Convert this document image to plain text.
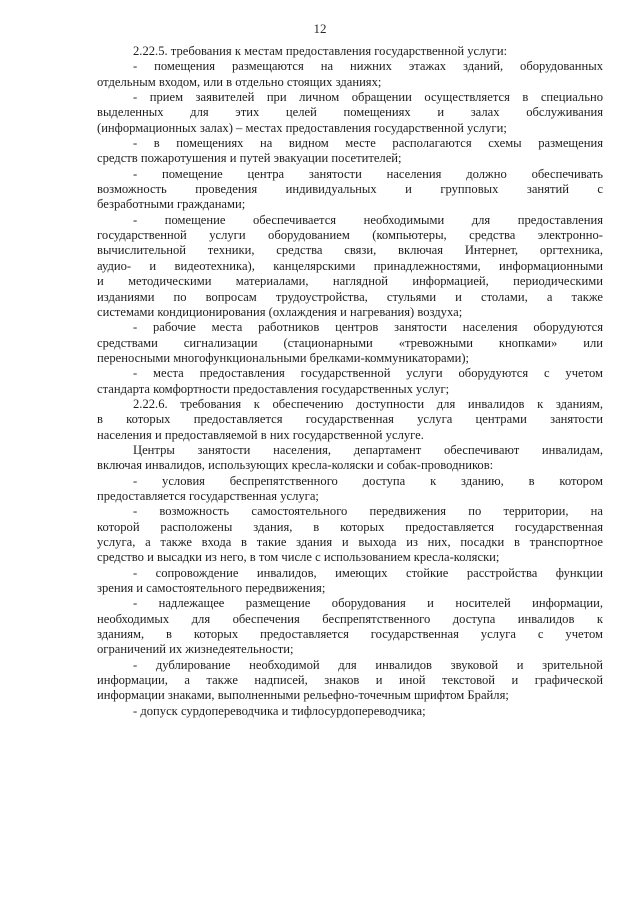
12
2.22.5. требования к местам предоставления государственной услуги:
- помещения размещаются на нижних этажах зданий, оборудованных
отдельным входом, или в отдельно стоящих зданиях;
- прием заявителей при личном обращении осуществляется в специально
выделенных для этих целей помещениях и залах обслуживания
(информационных залах) – местах предоставления государственной услуги;
- в помещениях на видном месте располагаются схемы размещения
средств пожаротушения и путей эвакуации посетителей;
- помещение центра занятости населения должно обеспечивать
возможность проведения индивидуальных и групповых занятий с
безработными гражданами;
- помещение обеспечивается необходимыми для предоставления
государственной услуги оборудованием (компьютеры, средства электронно-
вычислительной техники, средства связи, включая Интернет, оргтехника,
аудио- и видеотехника), канцелярскими принадлежностями, информационными
и методическими материалами, наглядной информацией, периодическими
изданиями по вопросам трудоустройства, стульями и столами, а также
системами кондиционирования (охлаждения и нагревания) воздуха;
- рабочие места работников центров занятости населения оборудуются
средствами сигнализации (стационарными «тревожными кнопками» или
переносными многофункциональными брелками-коммуникаторами);
- места предоставления государственной услуги оборудуются с учетом
стандарта комфортности предоставления государственных услуг;
2.22.6. требования к обеспечению доступности для инвалидов к зданиям,
в которых предоставляется государственная услуга центрами занятости
населения и предоставляемой в них государственной услуге.
Центры занятости населения, департамент обеспечивают инвалидам,
включая инвалидов, использующих кресла-коляски и собак-проводников:
- условия беспрепятственного доступа к зданию, в котором
предоставляется государственная услуга;
- возможность самостоятельного передвижения по территории, на
которой расположены здания, в которых предоставляется государственная
услуга, а также входа в такие здания и выхода из них, посадки в транспортное
средство и высадки из него, в том числе с использованием кресла-коляски;
- сопровождение инвалидов, имеющих стойкие расстройства функции
зрения и самостоятельного передвижения;
- надлежащее размещение оборудования и носителей информации,
необходимых для обеспечения беспрепятственного доступа инвалидов к
зданиям, в которых предоставляется государственная услуга с учетом
ограничений их жизнедеятельности;
- дублирование необходимой для инвалидов звуковой и зрительной
информации, а также надписей, знаков и иной текстовой и графической
информации знаками, выполненными рельефно-точечным шрифтом Брайля;
- допуск сурдопереводчика и тифлосурдопереводчика;
